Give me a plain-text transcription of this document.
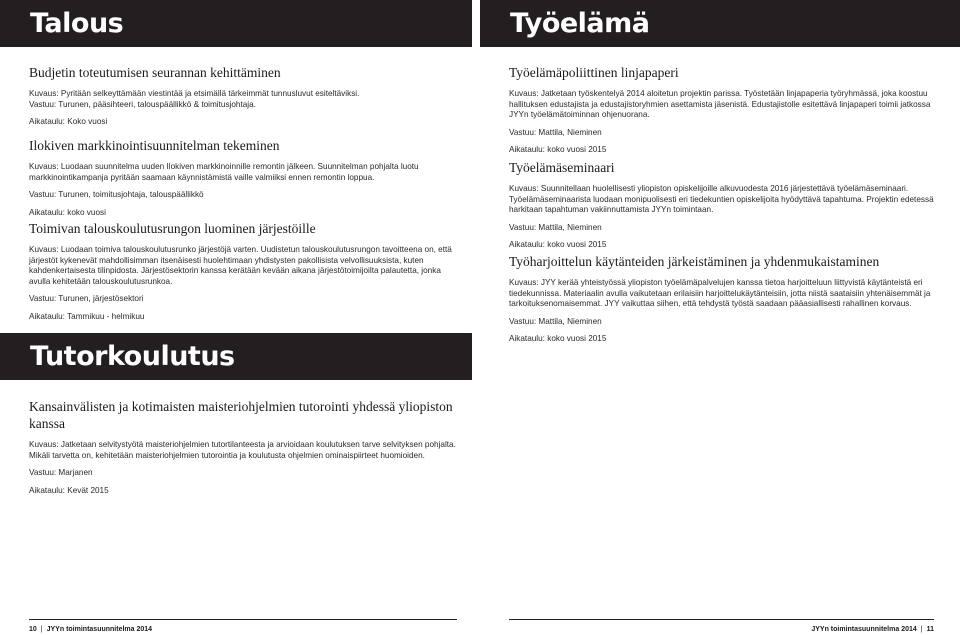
Talous	Työelämä
Budjetin toteutumisen seurannan kehittäminen

Kuvaus: Pyritään selkeyttämään viestintää ja etsimällä tärkeimmät tunnusluvut esiteltäviksi.

Vastuu: Turunen, pääsihteeri, talouspäällikkö & toimitusjohtaja.

Aikataulu: Koko vuosi

Ilokiven markkinointisuunnitelman tekeminen

Kuvaus: Luodaan suunnitelma uuden Ilokiven markkinoinnille remontin jälkeen. Suunnitelman pohjalta luotu markkinointikampanja pyritään saamaan käynnistämistä vaille valmiiksi ennen remontin loppua.

Vastuu: Turunen, toimitusjohtaja, talouspäällikkö

Aikataulu: koko vuosi

Toimivan talouskoulutusrungon luominen järjestöille

Kuvaus: Luodaan toimiva talouskoulutusrunko järjestöjä varten. Uudistetun talouskoulutusrungon tavoitteena on, että järjestöt kykenevät mahdollisimman itsenäisesti huolehtimaan yhdistysten pakollisista velvollisuuksista, kuten kahdenkertaisesta tilinpidosta. Järjestösektorin kanssa kerätään kevään aikana järjestötoimijoilta palautetta, jonka avulla kehitetään talouskoulutusrunkoa.

Vastuu: Turunen, järjestösektori

Aikataulu: Tammikuu - helmikuu

Tutorkoulutus
Työelämäpoliittinen linjapaperi

Kuvaus: Jatketaan työskentelyä 2014 aloitetun projektin parissa. Työstetään linjapaperia työryhmässä, joka koostuu hallituksen edustajista ja edustajistoryhmien asettamista jäsenistä. Edustajistolle esitettävä linjapaperi toimii jatkossa JYYn työelämätoiminnan ohjenuorana.

Vastuu: Mattila, Nieminen

Aikataulu: koko vuosi 2015

Työelämäseminaari

Kuvaus: Suunnitellaan huolellisesti yliopiston opiskelijoille alkuvuodesta 2016 järjestettävä työelämäseminaari. Työelämäseminaarista luodaan monipuolisesti eri tiedekuntien opiskelijoita hyödyttävä tapahtuma. Projektin edetessä harkitaan tapahtuman vakiinnuttamista JYYn toimintaan.

Vastuu: Mattila, Nieminen

Aikataulu: koko vuosi 2015

Työharjoittelun käytänteiden järkeistäminen ja yhdenmukaistaminen

Kuvaus: JYY kerää yhteistyössä yliopiston työelämäpalvelujen kanssa tietoa harjoitteluun liittyvistä käytänteistä eri tiedekunnissa. Materiaalin avulla vaikutetaan erilaisiin harjoittelukäytänteisiin, jotta niistä saataisiin yhtenäisemmät ja tarkoituksenomaisemmat. JYY vaikuttaa siihen, että tehdystä työstä saadaan pääasiallisesti rahallinen korvaus.

Vastuu: Mattila, Nieminen

Aikataulu: koko vuosi 2015

Kansainvälisten ja kotimaisten maisteriohjelmien tutorointi yhdessä yliopiston kanssa

Kuvaus: Jatketaan selvitystyötä maisteriohjelmien tutortilanteesta ja arvioidaan koulutuksen tarve selvityksen pohjalta. Mikäli tarvetta on, kehitetään maisteriohjelmien tutorointia ja koulutusta ohjelmien ominaispiirteet huomioiden.

Vastuu: Marjanen

Aikataulu: Kevät 2015

10 | JYYn toimintasuunnitelma 2014	JYYn toimintasuunnitelma 2014 | 11
